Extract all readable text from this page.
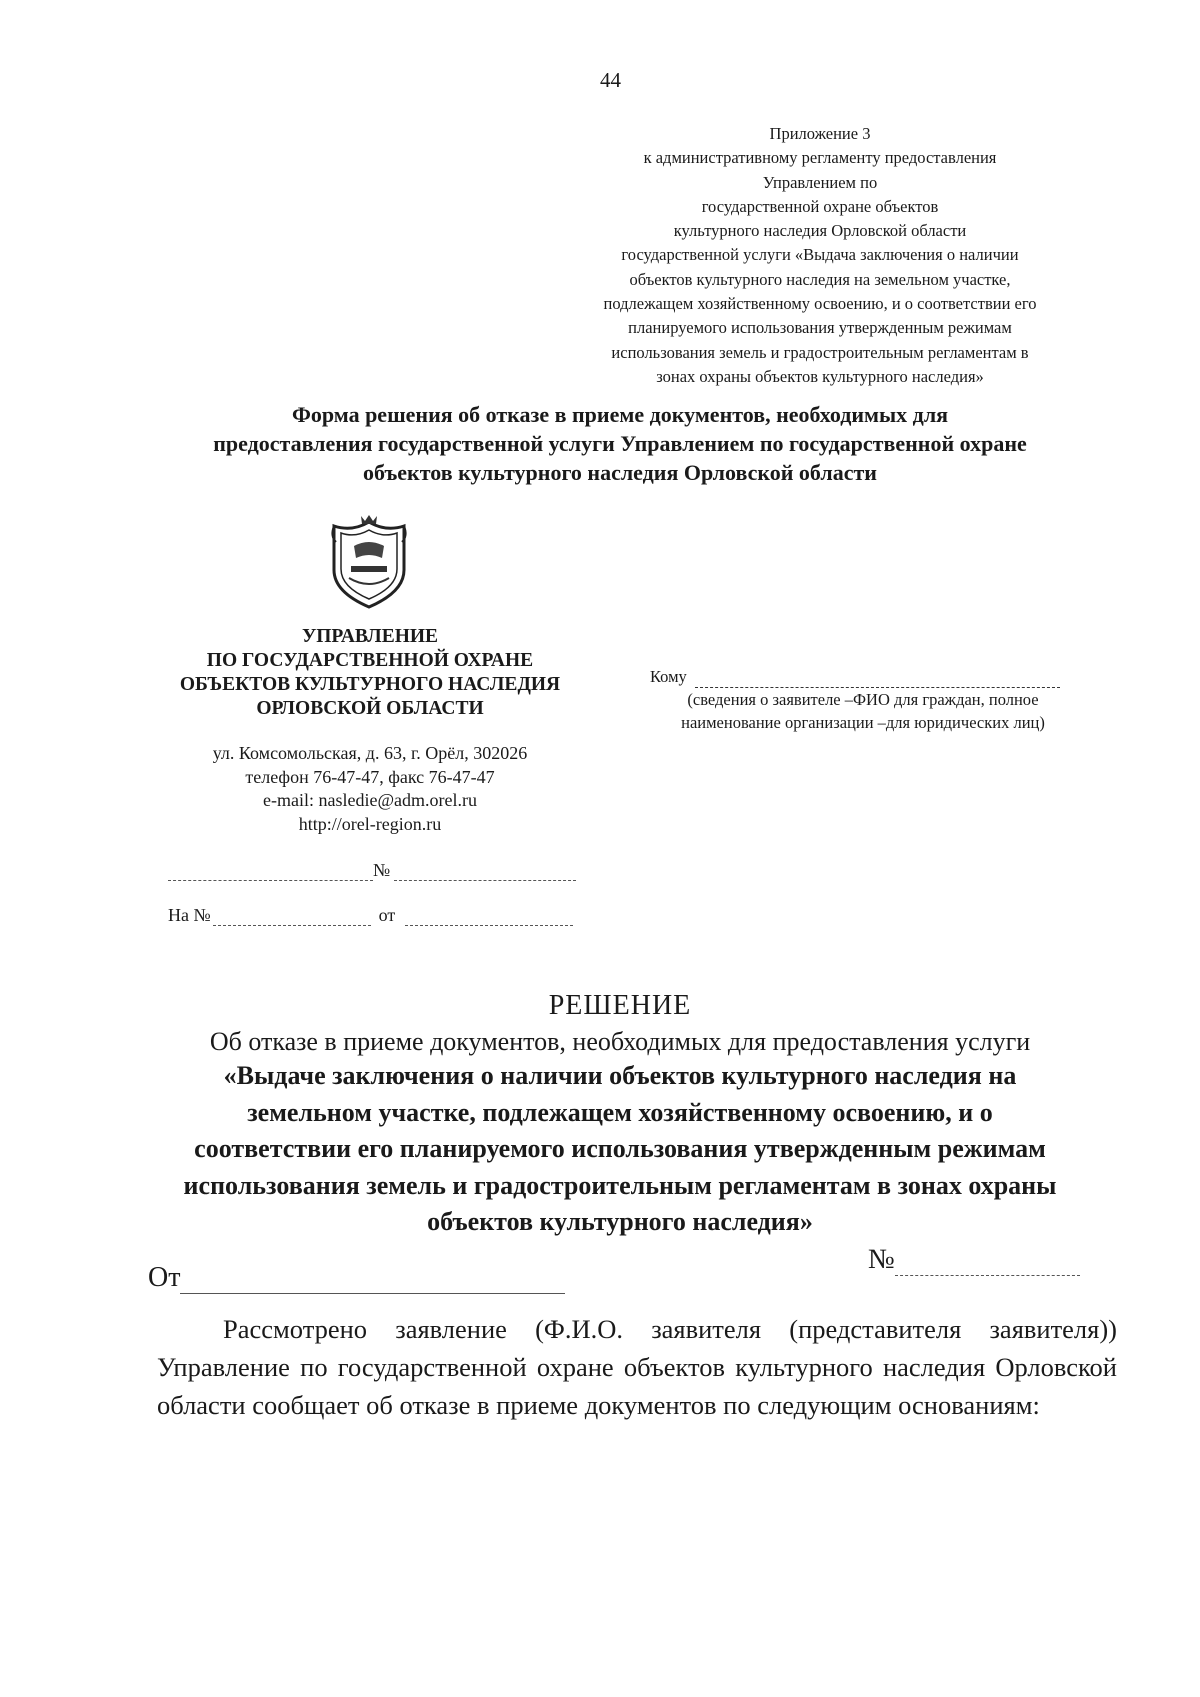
44
Приложение 3
к административному регламенту предоставления
Управлением по
государственной охране объектов
культурного наследия Орловской области
государственной услуги «Выдача заключения о наличии
объектов культурного наследия на земельном участке,
подлежащем хозяйственному освоению, и о соответствии его
планируемого использования утвержденным режимам
использования земель и градостроительным регламентам в
зонах охраны объектов культурного наследия»
Форма решения об отказе в приеме документов, необходимых для
предоставления государственной услуги Управлением по государственной охране
объектов культурного наследия Орловской области
УПРАВЛЕНИЕ
ПО ГОСУДАРСТВЕННОЙ ОХРАНЕ
ОБЪЕКТОВ КУЛЬТУРНОГО НАСЛЕДИЯ
ОРЛОВСКОЙ ОБЛАСТИ
ул. Комсомольская, д. 63, г. Орёл, 302026
телефон 76-47-47, факс 76-47-47
e-mail: nasledie@adm.orel.ru
http://orel-region.ru
Кому
(сведения о заявителе –ФИО для граждан, полное
наименование организации –для юридических лиц)
№
На №	от
РЕШЕНИЕ
Об отказе в приеме документов, необходимых для предоставления услуги
«Выдаче заключения о наличии объектов культурного наследия на
земельном участке, подлежащем хозяйственному освоению, и о
соответствии его планируемого использования утвержденным режимам
использования земель и градостроительным регламентам в зонах охраны
объектов культурного наследия»
От
№
Рассмотрено заявление (Ф.И.О. заявителя (представителя заявителя)) Управление по государственной охране объектов культурного наследия Орловской области сообщает об отказе в приеме документов по следующим основаниям:
